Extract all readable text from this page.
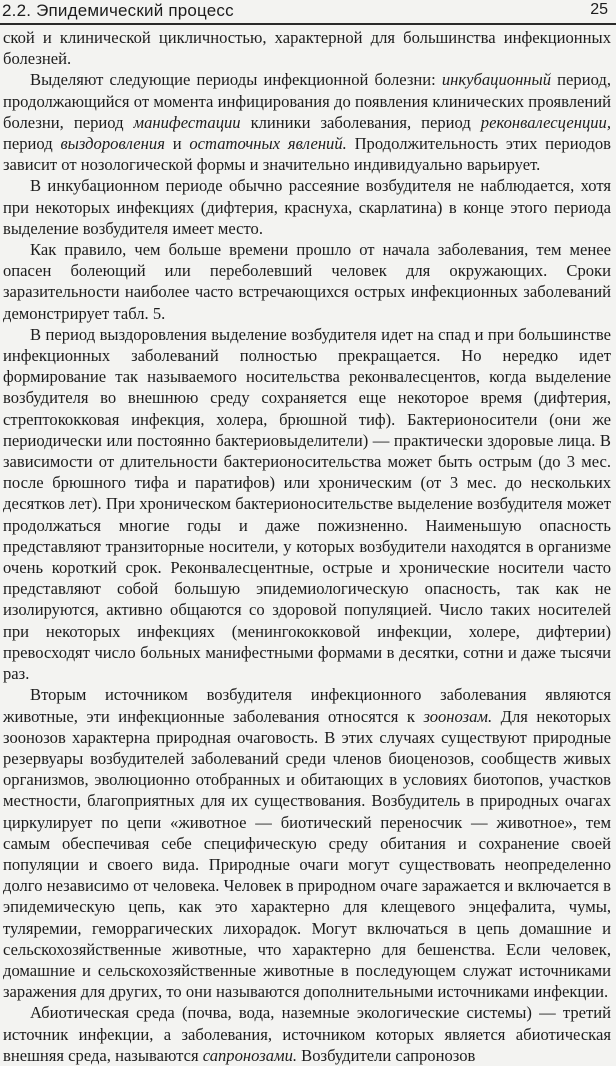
2.2. Эпидемический процесс	25

ской и клинической цикличностью, характерной для большинства инфекционных болезней.

Выделяют следующие периоды инфекционной болезни: инкубационный период, продолжающийся от момента инфицирования до появления клинических проявлений болезни, период манифестации клиники заболевания, период реконвалесценции, период выздоровления и остаточных явлений. Продолжительность этих периодов зависит от нозологической формы и значительно индивидуально варьирует.

В инкубационном периоде обычно рассеяние возбудителя не наблюдается, хотя при некоторых инфекциях (дифтерия, краснуха, скарлатина) в конце этого периода выделение возбудителя имеет место.

Как правило, чем больше времени прошло от начала заболевания, тем менее опасен болеющий или переболевший человек для окружающих. Сроки заразительности наиболее часто встречающихся острых инфекционных заболеваний демонстрирует табл. 5.

В период выздоровления выделение возбудителя идет на спад и при большинстве инфекционных заболеваний полностью прекращается. Но нередко идет формирование так называемого носительства реконвалесцентов, когда выделение возбудителя во внешнюю среду сохраняется еще некоторое время (дифтерия, стрептококковая инфекция, холера, брюшной тиф). Бактерионосители (они же периодически или постоянно бактериовыделители) — практически здоровые лица. В зависимости от длительности бактерионосительства может быть острым (до 3 мес. после брюшного тифа и паратифов) или хроническим (от 3 мес. до нескольких десятков лет). При хроническом бактерионосительстве выделение возбудителя может продолжаться многие годы и даже пожизненно. Наименьшую опасность представляют транзиторные носители, у которых возбудители находятся в организме очень короткий срок. Реконвалесцентные, острые и хронические носители часто представляют собой большую эпидемиологическую опасность, так как не изолируются, активно общаются со здоровой популяцией. Число таких носителей при некоторых инфекциях (менингококковой инфекции, холере, дифтерии) превосходят число больных манифестными формами в десятки, сотни и даже тысячи раз.

Вторым источником возбудителя инфекционного заболевания являются животные, эти инфекционные заболевания относятся к зоонозам. Для некоторых зоонозов характерна природная очаговость. В этих случаях существуют природные резервуары возбудителей заболеваний среди членов биоценозов, сообществ живых организмов, эволюционно отобранных и обитающих в условиях биотопов, участков местности, благоприятных для их существования. Возбудитель в природных очагах циркулирует по цепи «животное — биотический переносчик — животное», тем самым обеспечивая себе специфическую среду обитания и сохранение своей популяции и своего вида. Природные очаги могут существовать неопределенно долго независимо от человека. Человек в природном очаге заражается и включается в эпидемическую цепь, как это характерно для клещевого энцефалита, чумы, туляремии, геморрагических лихорадок. Могут включаться в цепь домашние и сельскохозяйственные животные, что характерно для бешенства. Если человек, домашние и сельскохозяйственные животные в последующем служат источниками заражения для других, то они называются дополнительными источниками инфекции.

Абиотическая среда (почва, вода, наземные экологические системы) — третий источник инфекции, а заболевания, источником которых является абиотическая внешняя среда, называются сапронозами. Возбудители сапронозов
